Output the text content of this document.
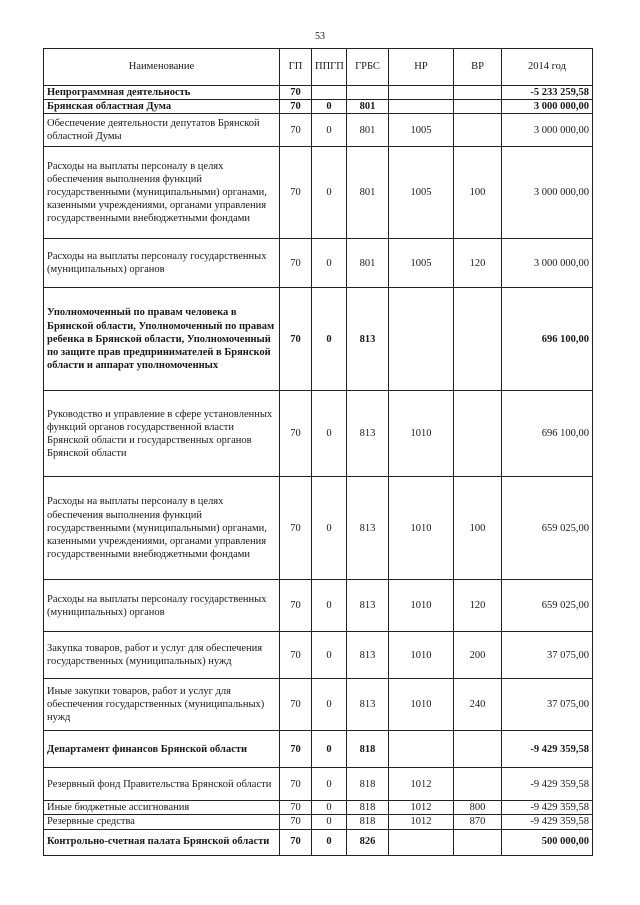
53
Наименование	ГП	ППГП	ГРБС	НР	ВР	2014 год
Непрограммная деятельность	70					-5 233 259,58
Брянская областная Дума	70	0	801			3 000 000,00
Обеспечение деятельности депутатов Брянской областной Думы	70	0	801	1005		3 000 000,00
Расходы на выплаты персоналу в целях обеспечения выполнения функций государственными (муниципальными) органами, казенными учреждениями, органами управления государственными внебюджетными фондами	70	0	801	1005	100	3 000 000,00
Расходы на выплаты персоналу государственных (муниципальных) органов	70	0	801	1005	120	3 000 000,00
Уполномоченный по правам человека в Брянской области, Уполномоченный по правам ребенка в Брянской области, Уполномоченный по защите прав предпринимателей в Брянской области и аппарат уполномоченных	70	0	813			696 100,00
Руководство и управление в сфере установленных функций органов государственной власти Брянской области и государственных органов Брянской области	70	0	813	1010		696 100,00
Расходы на выплаты персоналу в целях обеспечения выполнения функций государственными (муниципальными) органами, казенными учреждениями, органами управления государственными внебюджетными фондами	70	0	813	1010	100	659 025,00
Расходы на выплаты персоналу государственных (муниципальных) органов	70	0	813	1010	120	659 025,00
Закупка товаров, работ и услуг для обеспечения государственных (муниципальных) нужд	70	0	813	1010	200	37 075,00
Иные закупки товаров, работ и услуг для обеспечения государственных (муниципальных) нужд	70	0	813	1010	240	37 075,00
Департамент финансов Брянской области	70	0	818			-9 429 359,58
Резервный фонд Правительства Брянской области	70	0	818	1012		-9 429 359,58
Иные бюджетные ассигнования	70	0	818	1012	800	-9 429 359,58
Резервные средства	70	0	818	1012	870	-9 429 359,58
Контрольно-счетная палата Брянской области	70	0	826			500 000,00
